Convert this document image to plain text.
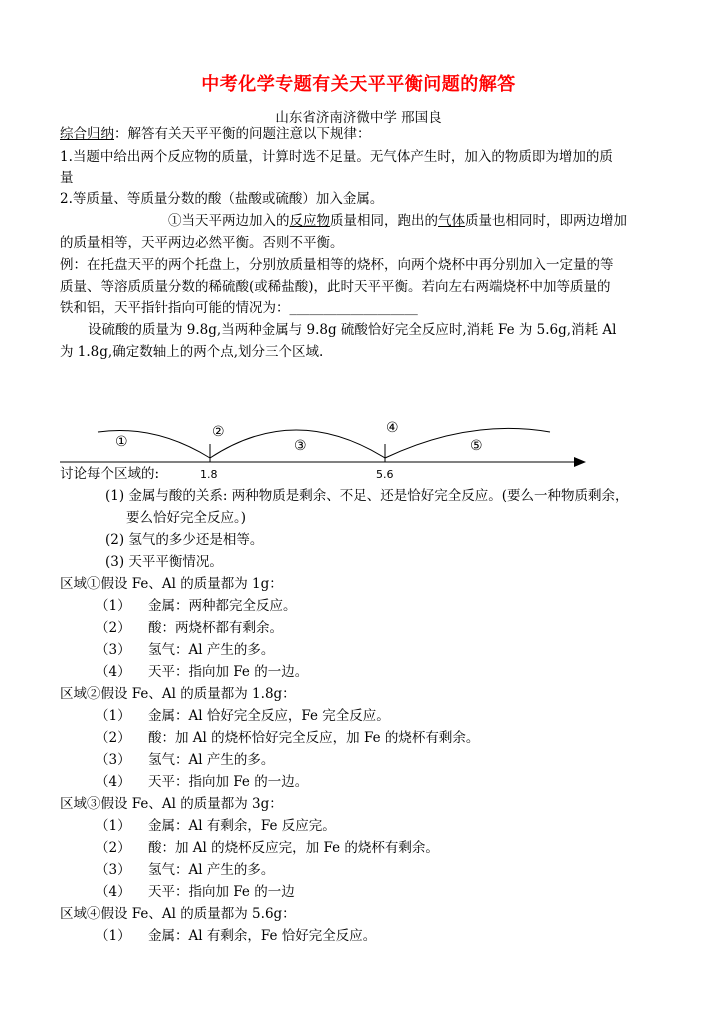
中考化学专题有关天平平衡问题的解答
山东省济南济微中学 邢国良
综合归纳：解答有关天平平衡的问题注意以下规律：
1.当题中给出两个反应物的质量，计算时选不足量。无气体产生时，加入的物质即为增加的质
量
2.等质量、等质量分数的酸（盐酸或硫酸）加入金属。
①当天平两边加入的反应物质量相同，跑出的气体质量也相同时，即两边增加
的质量相等，天平两边必然平衡。否则不平衡。
例：在托盘天平的两个托盘上，分别放质量相等的烧杯，向两个烧杯中再分别加入一定量的等
质量、等溶质质量分数的稀硫酸(或稀盐酸)，此时天平平衡。若向左右两端烧杯中加等质量的
铁和铝，天平指针指向可能的情况为：___________________
设硫酸的质量为 9.8g,当两种金属与 9.8g 硫酸恰好完全反应时,消耗 Fe 为 5.6g,消耗 Al
为 1.8g,确定数轴上的两个点,划分三个区域.
①
②
③
④
⑤
1.8	5.6
讨论每个区域的:
(1) 金属与酸的关系: 两种物质是剩余、不足、还是恰好完全反应。(要么一种物质剩余，
要么恰好完全反应。)
(2) 氢气的多少还是相等。
(3) 天平平衡情况。
区域①假设 Fe、Al 的质量都为 1g：
（1） 金属：两种都完全反应。
（2） 酸：两烧杯都有剩余。
（3） 氢气：Al 产生的多。
（4） 天平：指向加 Fe 的一边。
区域②假设 Fe、Al 的质量都为 1.8g：
（1） 金属：Al 恰好完全反应，Fe 完全反应。
（2） 酸：加 Al 的烧杯恰好完全反应，加 Fe 的烧杯有剩余。
（3） 氢气：Al 产生的多。
（4） 天平：指向加 Fe 的一边。
区域③假设 Fe、Al 的质量都为 3g：
（1） 金属：Al 有剩余，Fe 反应完。
（2） 酸：加 Al 的烧杯反应完，加 Fe 的烧杯有剩余。
（3） 氢气：Al 产生的多。
（4） 天平：指向加 Fe 的一边
区域④假设 Fe、Al 的质量都为 5.6g：
（1） 金属：Al 有剩余，Fe 恰好完全反应。
